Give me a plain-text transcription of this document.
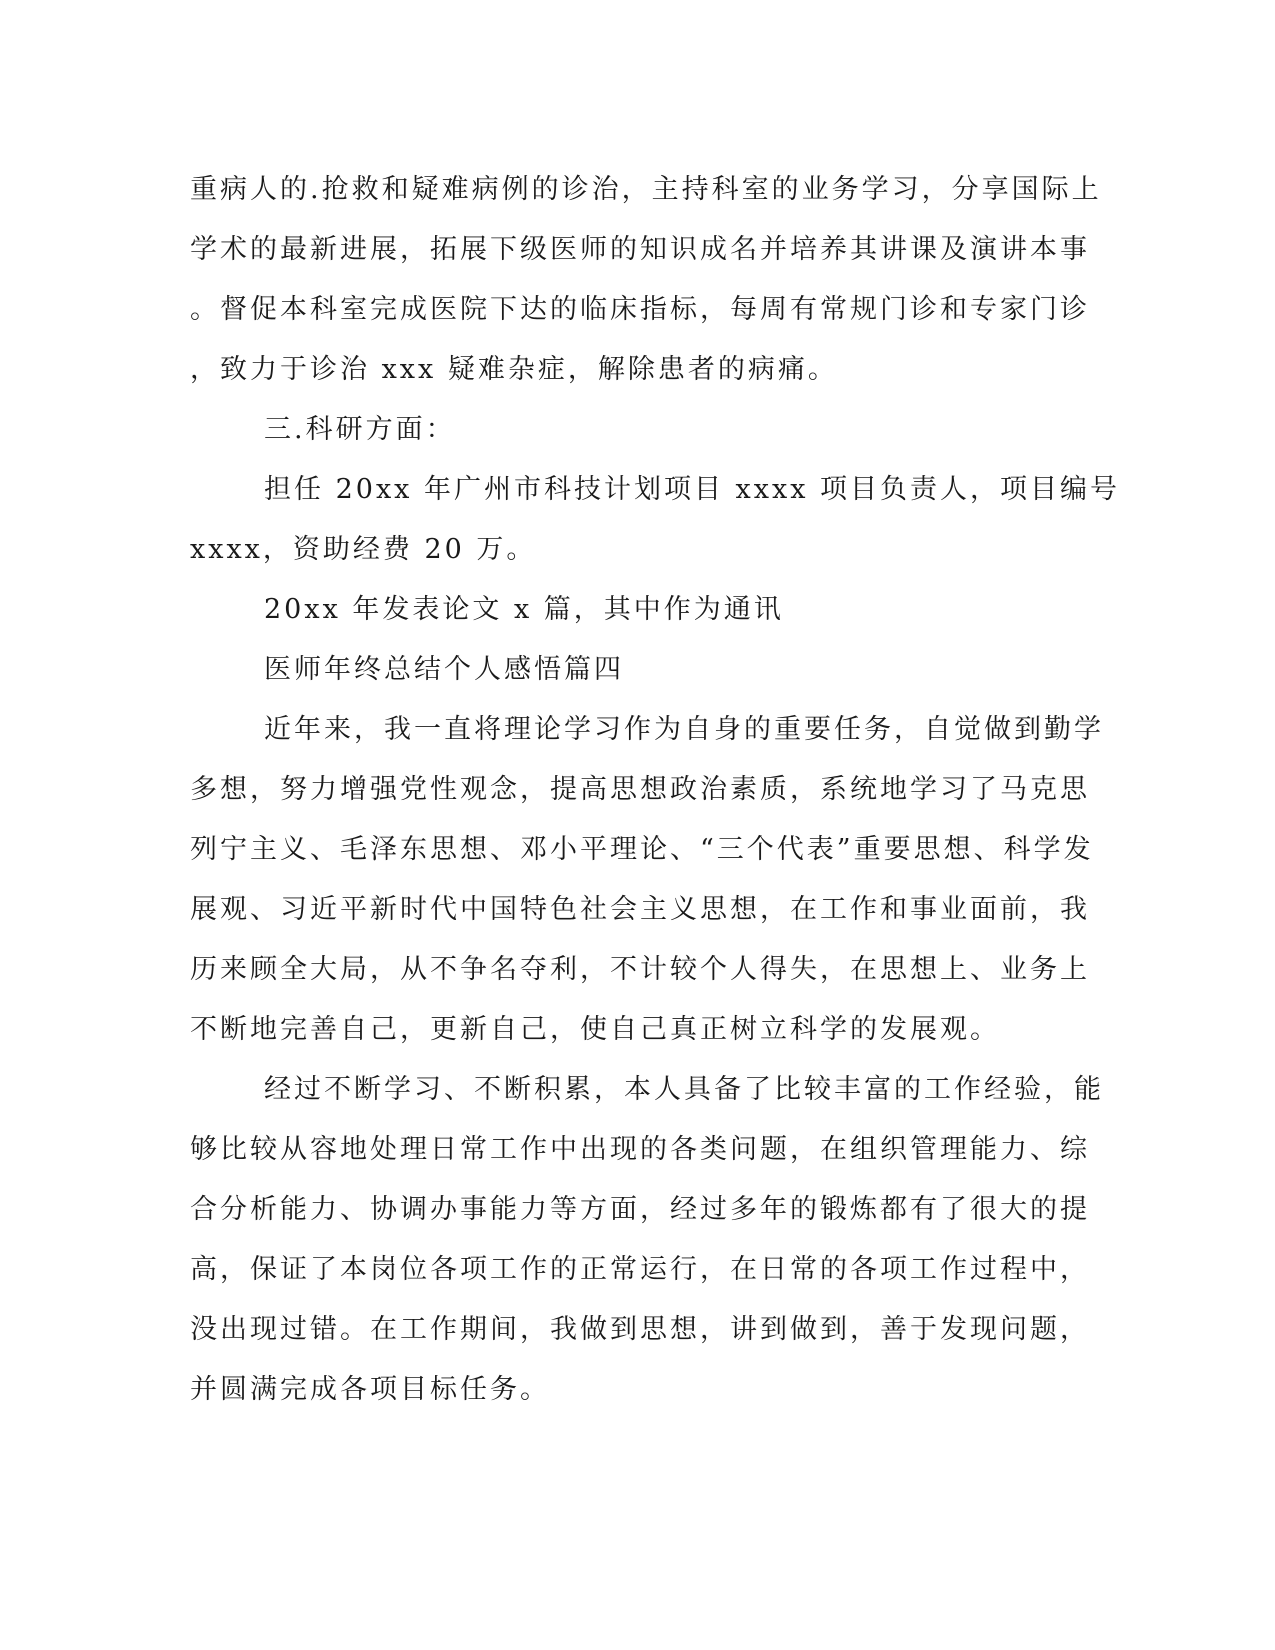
重病人的.抢救和疑难病例的诊治，主持科室的业务学习，分享国际上
学术的最新进展，拓展下级医师的知识成名并培养其讲课及演讲本事
。督促本科室完成医院下达的临床指标，每周有常规门诊和专家门诊
，致力于诊治 xxx 疑难杂症，解除患者的病痛。
三.科研方面：
担任 20xx 年广州市科技计划项目 xxxx 项目负责人，项目编号
xxxx，资助经费 20 万。
20xx 年发表论文 x 篇，其中作为通讯
医师年终总结个人感悟篇四
近年来，我一直将理论学习作为自身的重要任务，自觉做到勤学
多想，努力增强党性观念，提高思想政治素质，系统地学习了马克思
列宁主义、毛泽东思想、邓小平理论、“三个代表”重要思想、科学发
展观、习近平新时代中国特色社会主义思想，在工作和事业面前，我
历来顾全大局，从不争名夺利，不计较个人得失，在思想上、业务上
不断地完善自己，更新自己，使自己真正树立科学的发展观。
经过不断学习、不断积累，本人具备了比较丰富的工作经验，能
够比较从容地处理日常工作中出现的各类问题，在组织管理能力、综
合分析能力、协调办事能力等方面，经过多年的锻炼都有了很大的提
高，保证了本岗位各项工作的正常运行，在日常的各项工作过程中，
没出现过错。在工作期间，我做到思想，讲到做到，善于发现问题，
并圆满完成各项目标任务。
